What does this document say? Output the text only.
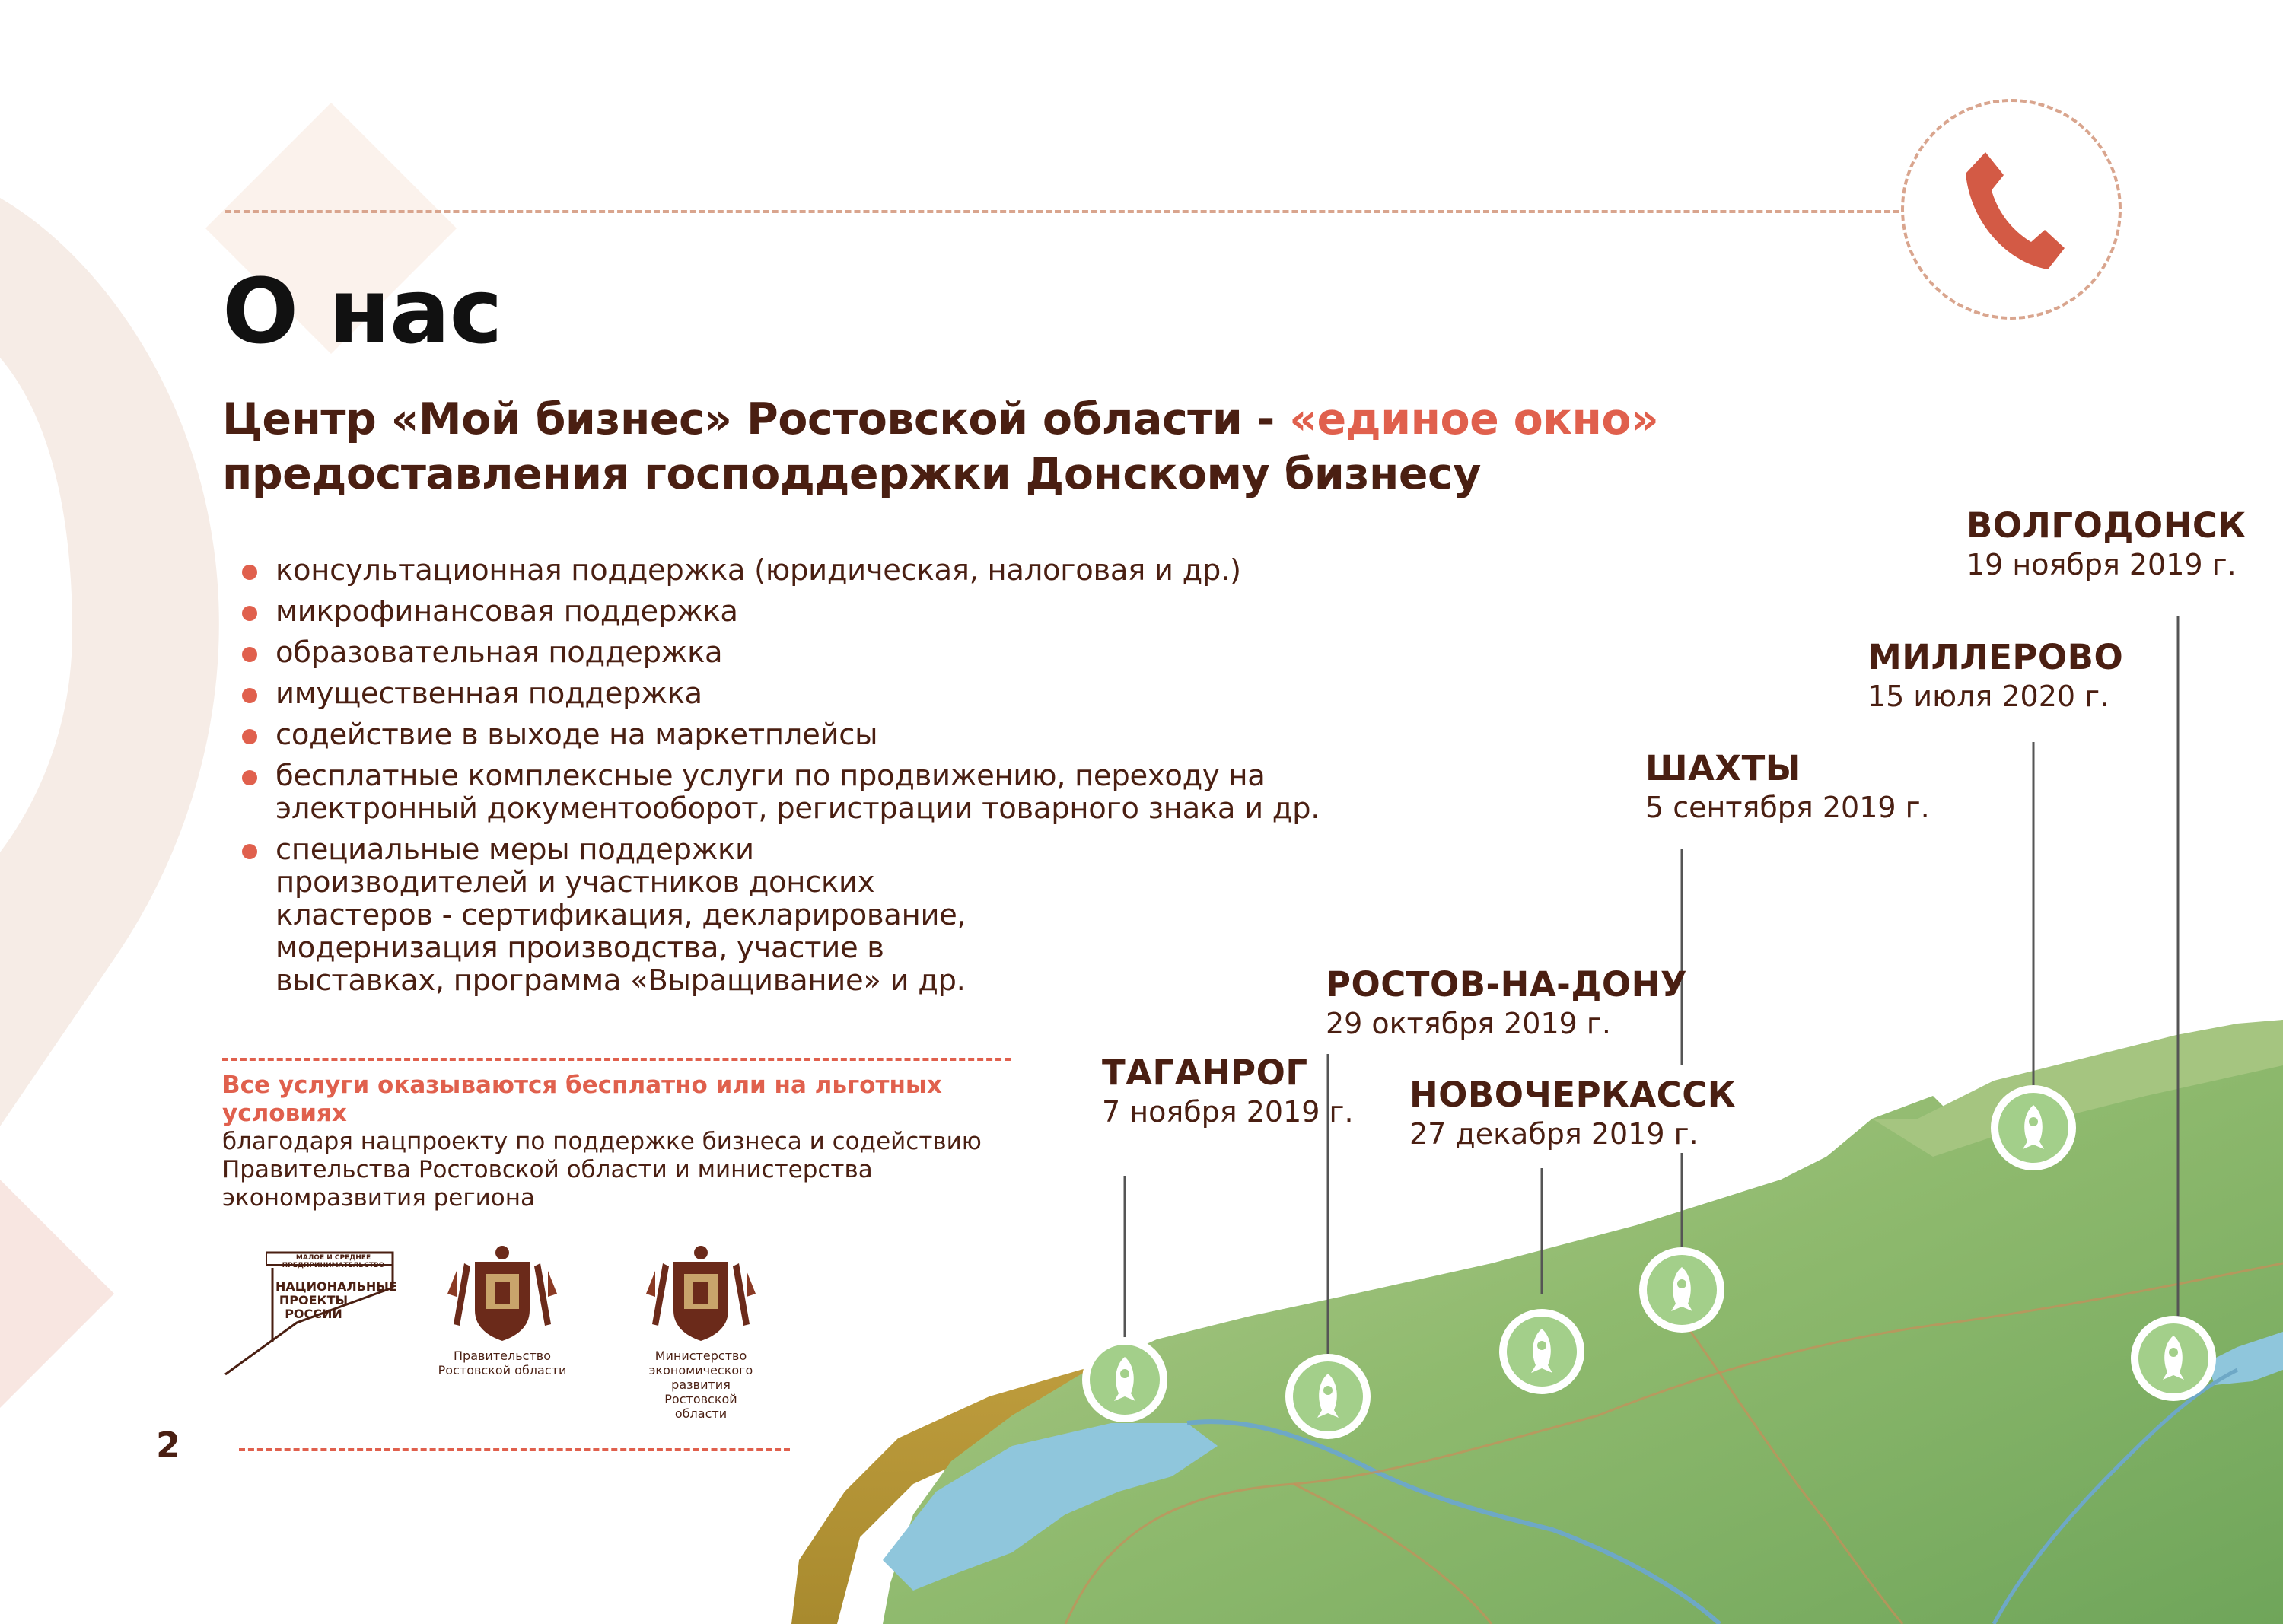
О нас
Центр «Мой бизнес» Ростовской области - «единое окно»
предоставления господдержки Донскому бизнесу
консультационная поддержка (юридическая, налоговая и др.)
микрофинансовая поддержка
образовательная поддержка
имущественная поддержка
содействие в выходе на маркетплейсы
бесплатные комплексные услуги по продвижению, переходу на электронный документооборот, регистрации товарного знака и др.
специальные меры поддержки производителей и участников донских кластеров - сертификация, декларирование, модернизация производства, участие в выставках, программа «Выращивание» и др.
Все услуги оказываются бесплатно или на льготных условиях
благодаря нацпроекту по поддержке бизнеса и содействию Правительства Ростовской области и министерства экономразвития региона
МАЛОЕ И СРЕДНЕЕ ПРЕДПРИНИМАТЕЛЬСТВО
НАЦИОНАЛЬНЫЕ ПРОЕКТЫ РОССИИ
Правительство Ростовской области
Министерство экономического развития Ростовской области
2
ВОЛГОДОНСК
19 ноября 2019 г.
МИЛЛЕРОВО
15 июля 2020 г.
ШАХТЫ
5 сентября 2019 г.
РОСТОВ-НА-ДОНУ
29 октября 2019 г.
НОВОЧЕРКАССК
27 декабря 2019 г.
ТАГАНРОГ
7 ноября 2019 г.
